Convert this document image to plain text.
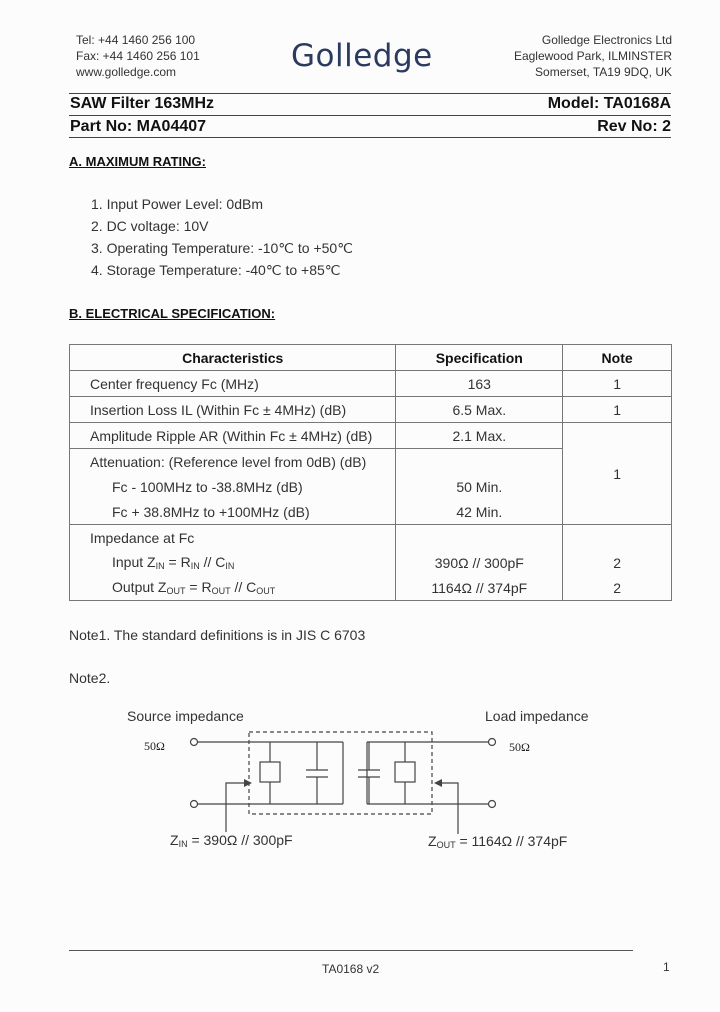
Tel: +44 1460 256 100
Fax: +44 1460 256 101
www.golledge.com	Golledge	Golledge Electronics Ltd
Eaglewood Park, ILMINSTER
Somerset, TA19 9DQ, UK
SAW Filter 163MHz	Model: TA0168A
Part No: MA04407	Rev No: 2
A. MAXIMUM RATING:
1. Input Power Level: 0dBm
2. DC voltage: 10V
3. Operating Temperature: -10℃ to +50℃
4. Storage Temperature: -40℃ to +85℃
B. ELECTRICAL SPECIFICATION:
Characteristics	Specification	Note
Center frequency Fc (MHz)	163	1
Insertion Loss IL (Within Fc ± 4MHz) (dB)	6.5 Max.	1
Amplitude Ripple AR (Within Fc ± 4MHz) (dB)	2.1 Max.	1
Attenuation: (Reference level from 0dB) (dB)		
Fc - 100MHz to -38.8MHz (dB)	50 Min.	
Fc + 38.8MHz to +100MHz (dB)	42 Min.	
Impedance at Fc		
Input $Z_{IN} = R_{IN} // C_{IN}$	390Ω // 300pF	2
Output $Z_{OUT} = R_{OUT} // C_{OUT}$	1164Ω // 374pF	2
Note1. The standard definitions is in JIS C 6703
Note2.
Source impedance	Load impedance
50Ω	50Ω
$Z_{IN} = 390\Omega // 300pF$	$Z_{OUT} = 1164\Omega // 374pF$
TA0168 v2	1
